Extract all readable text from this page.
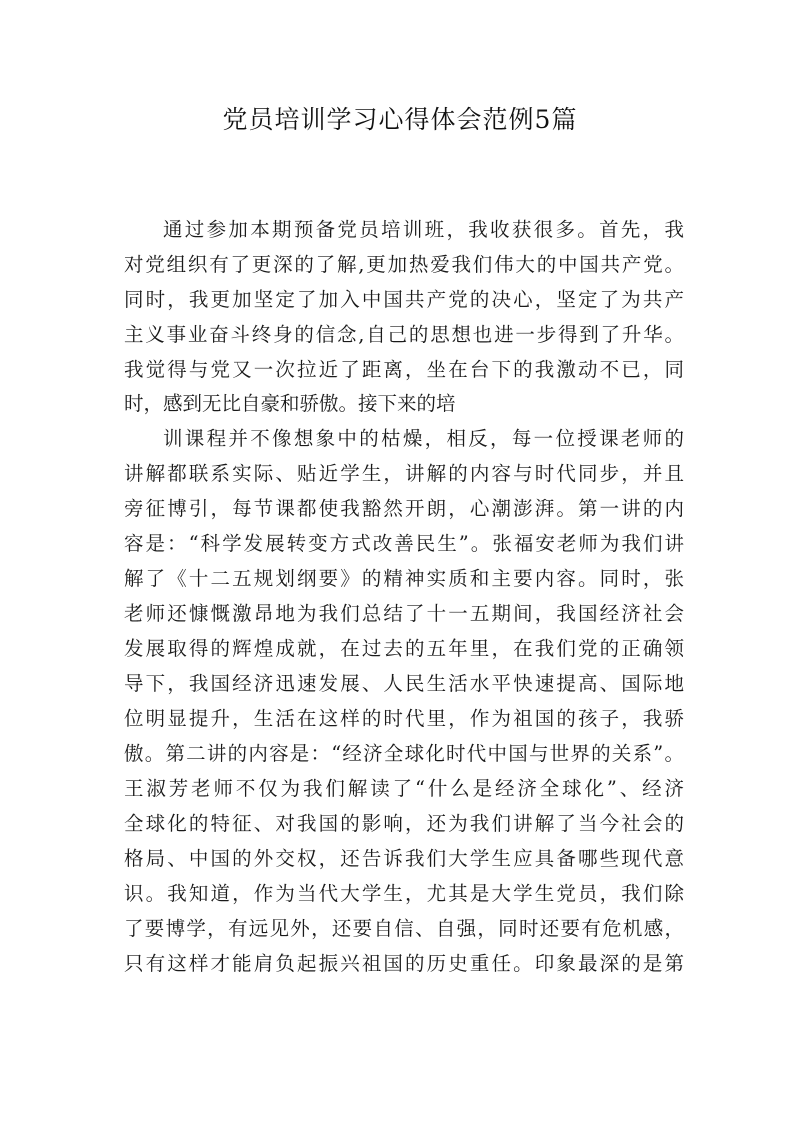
党员培训学习心得体会范例5篇
通过参加本期预备党员培训班，我收获很多。首先，我
对党组织有了更深的了解,更加热爱我们伟大的中国共产党。
同时，我更加坚定了加入中国共产党的决心，坚定了为共产
主义事业奋斗终身的信念,自己的思想也进一步得到了升华。
我觉得与党又一次拉近了距离，坐在台下的我激动不已，同
时，感到无比自豪和骄傲。接下来的培
训课程并不像想象中的枯燥，相反，每一位授课老师的
讲解都联系实际、贴近学生，讲解的内容与时代同步，并且
旁征博引，每节课都使我豁然开朗，心潮澎湃。第一讲的内
容是：“科学发展转变方式改善民生”。张福安老师为我们讲
解了《十二五规划纲要》的精神实质和主要内容。同时，张
老师还慷慨激昂地为我们总结了十一五期间，我国经济社会
发展取得的辉煌成就，在过去的五年里，在我们党的正确领
导下，我国经济迅速发展、人民生活水平快速提高、国际地
位明显提升，生活在这样的时代里，作为祖国的孩子，我骄
傲。第二讲的内容是：“经济全球化时代中国与世界的关系”。
王淑芳老师不仅为我们解读了“什么是经济全球化”、经济
全球化的特征、对我国的影响，还为我们讲解了当今社会的
格局、中国的外交权，还告诉我们大学生应具备哪些现代意
识。我知道，作为当代大学生，尤其是大学生党员，我们除
了要博学，有远见外，还要自信、自强，同时还要有危机感，
只有这样才能肩负起振兴祖国的历史重任。印象最深的是第
